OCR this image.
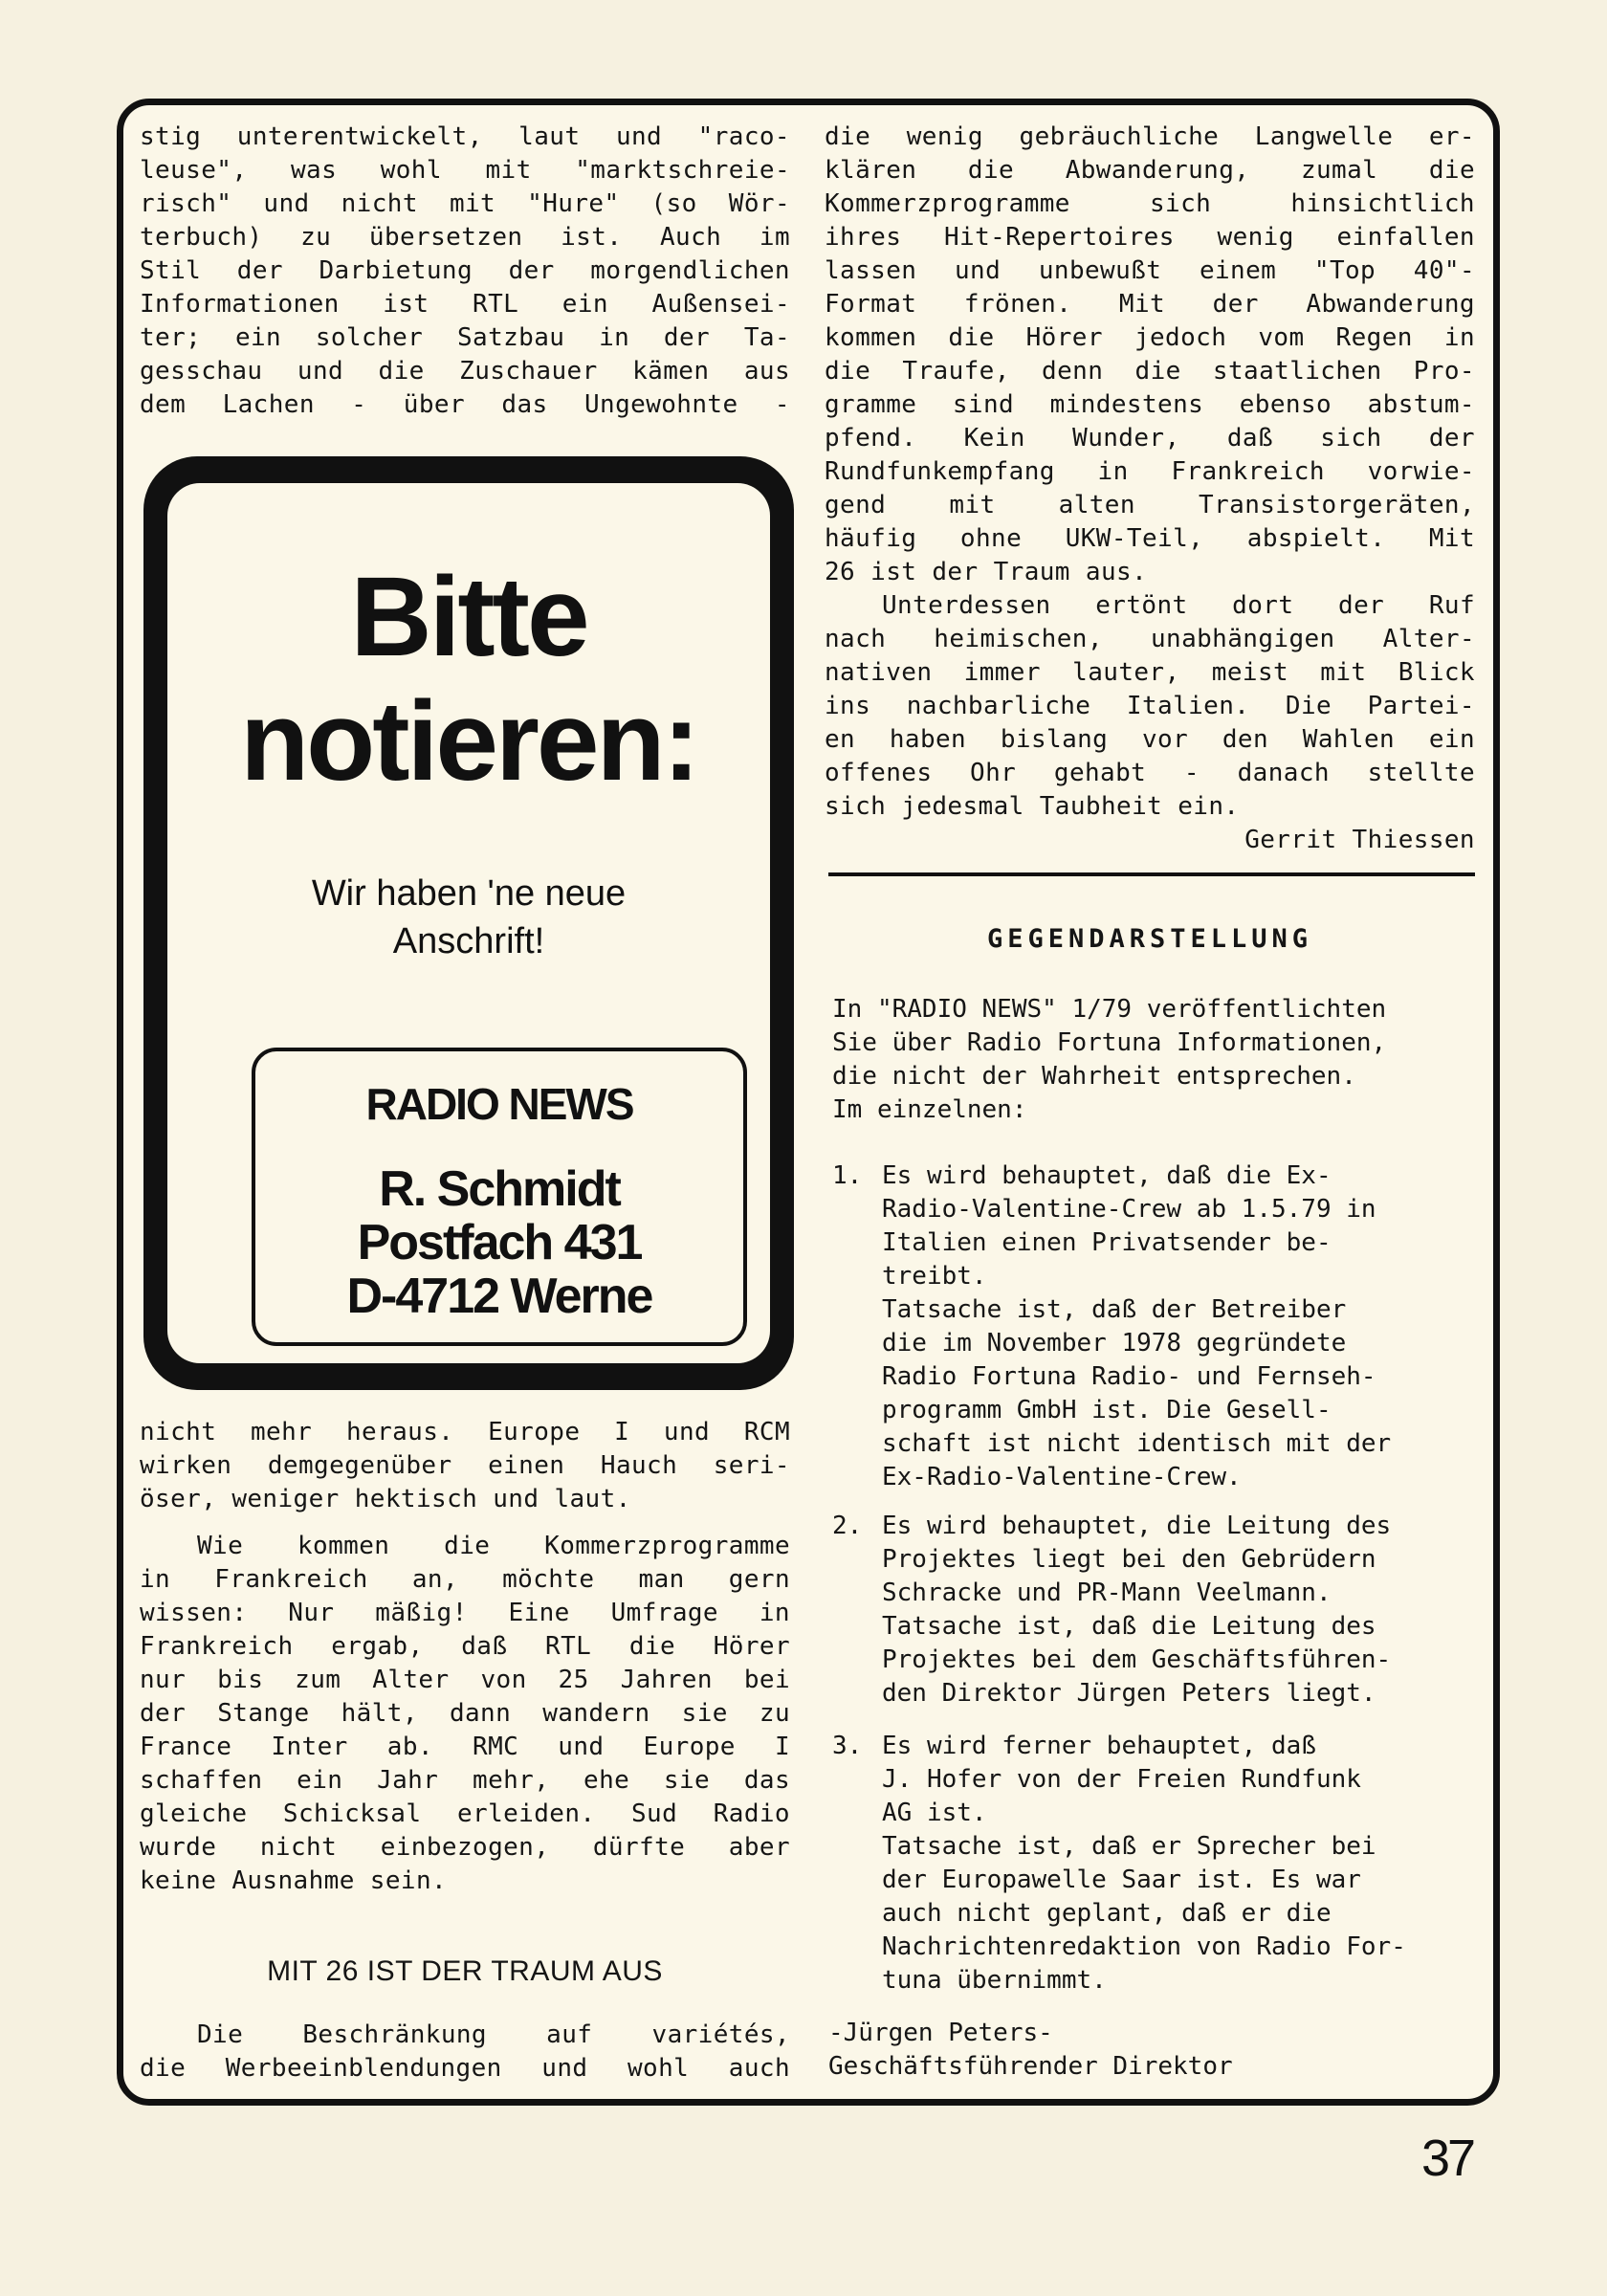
stig unterentwickelt, laut und "raco-
leuse", was wohl mit "marktschreie-
risch" und nicht mit "Hure" (so Wör-
terbuch) zu übersetzen ist. Auch im
Stil der Darbietung der morgendlichen
Informationen ist RTL ein Außensei-
ter; ein solcher Satzbau in der Ta-
gesschau und die Zuschauer kämen aus
dem Lachen - über das Ungewohnte -
Bitte
notieren:
Wir haben 'ne neue
Anschrift!
RADIO NEWS
R. Schmidt
Postfach 431
D-4712 Werne
nicht mehr heraus. Europe I und RCM
wirken demgegenüber einen Hauch seri-
öser, weniger hektisch und laut.
Wie kommen die Kommerzprogramme
in Frankreich an, möchte man gern
wissen: Nur mäßig! Eine Umfrage in
Frankreich ergab, daß RTL die Hörer
nur bis zum Alter von 25 Jahren bei
der Stange hält, dann wandern sie zu
France Inter ab. RMC und Europe I
schaffen ein Jahr mehr, ehe sie das
gleiche Schicksal erleiden. Sud Radio
wurde nicht einbezogen, dürfte aber
keine Ausnahme sein.
MIT 26 IST DER TRAUM AUS
Die Beschränkung auf variétés,
die Werbeeinblendungen und wohl auch
die wenig gebräuchliche Langwelle er-
klären die Abwanderung, zumal die
Kommerzprogramme sich hinsichtlich
ihres Hit-Repertoires wenig einfallen
lassen und unbewußt einem "Top 40"-
Format frönen. Mit der Abwanderung
kommen die Hörer jedoch vom Regen in
die Traufe, denn die staatlichen Pro-
gramme sind mindestens ebenso abstum-
pfend. Kein Wunder, daß sich der
Rundfunkempfang in Frankreich vorwie-
gend mit alten Transistorgeräten,
häufig ohne UKW-Teil, abspielt. Mit
26 ist der Traum aus.
Unterdessen ertönt dort der Ruf
nach heimischen, unabhängigen Alter-
nativen immer lauter, meist mit Blick
ins nachbarliche Italien. Die Partei-
en haben bislang vor den Wahlen ein
offenes Ohr gehabt - danach stellte
sich jedesmal Taubheit ein.
Gerrit Thiessen
GEGENDARSTELLUNG
In "RADIO NEWS" 1/79 veröffentlichten
Sie über Radio Fortuna Informationen,
die nicht der Wahrheit entsprechen.
Im einzelnen:
1. Es wird behauptet, daß die Ex-
Radio-Valentine-Crew ab 1.5.79 in
Italien einen Privatsender be-
treibt.
Tatsache ist, daß der Betreiber
die im November 1978 gegründete
Radio Fortuna Radio- und Fernseh-
programm GmbH ist. Die Gesell-
schaft ist nicht identisch mit der
Ex-Radio-Valentine-Crew.
2. Es wird behauptet, die Leitung des
Projektes liegt bei den Gebrüdern
Schracke und PR-Mann Veelmann.
Tatsache ist, daß die Leitung des
Projektes bei dem Geschäftsführen-
den Direktor Jürgen Peters liegt.
3. Es wird ferner behauptet, daß
J. Hofer von der Freien Rundfunk
AG ist.
Tatsache ist, daß er Sprecher bei
der Europawelle Saar ist. Es war
auch nicht geplant, daß er die
Nachrichtenredaktion von Radio For-
tuna übernimmt.
-Jürgen Peters-
Geschäftsführender Direktor
37
